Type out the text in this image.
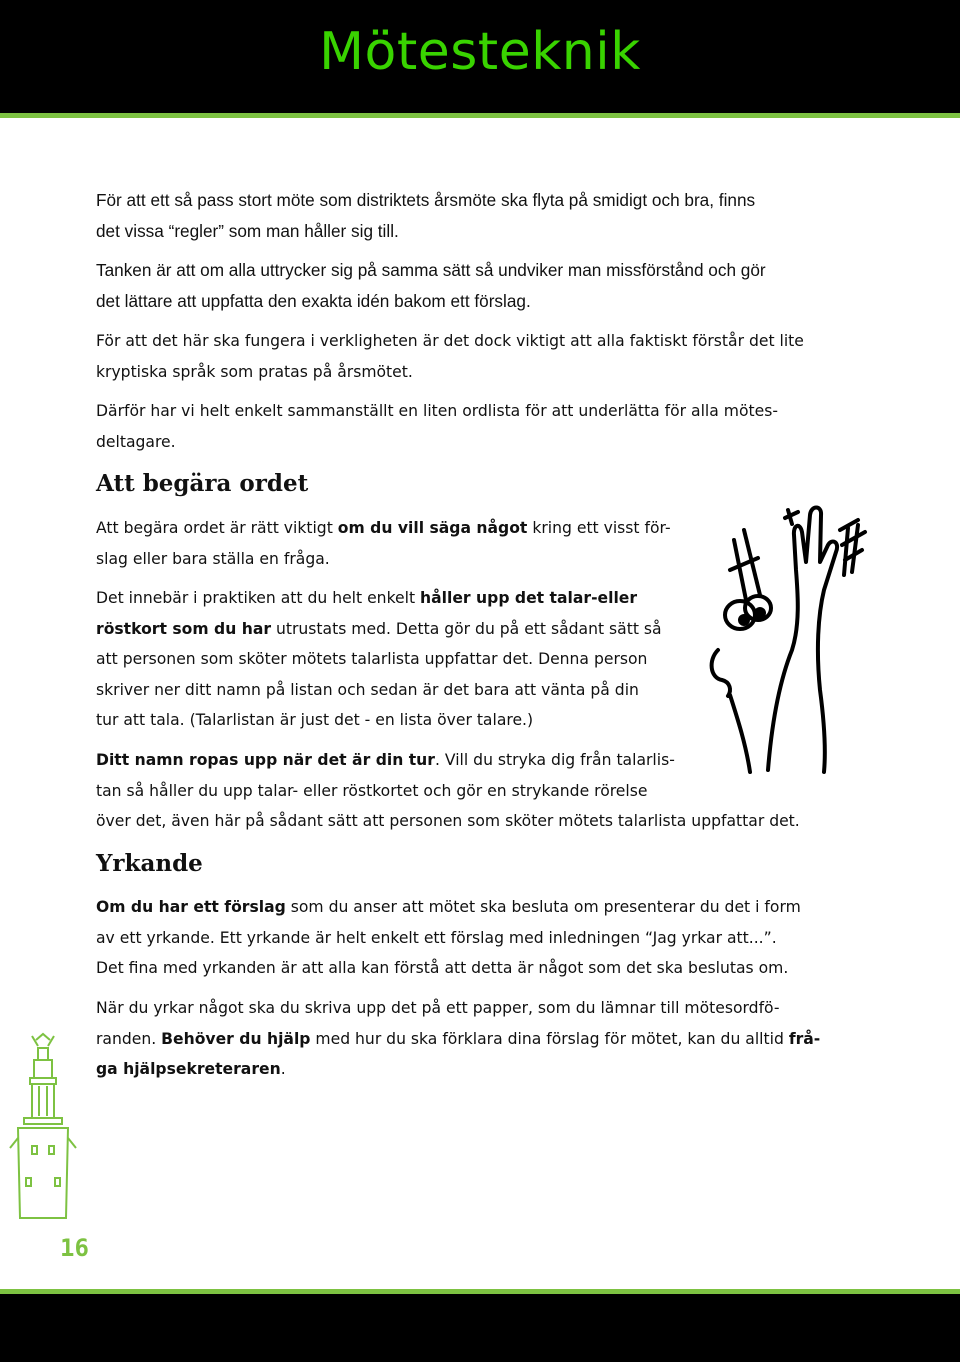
Mötesteknik

För att ett så pass stort möte som distriktets årsmöte ska flyta på smidigt och bra, finns
det vissa “regler” som man håller sig till.

Tanken är att om alla uttrycker sig på samma sätt så undviker man missförstånd och gör
det lättare att uppfatta den exakta idén bakom ett förslag.

För att det här ska fungera i verkligheten är det dock viktigt att alla faktiskt förstår det lite
kryptiska språk som pratas på årsmötet.

Därför har vi helt enkelt sammanställt en liten ordlista för att underlätta för alla mötes-
deltagare.

Att begära ordet

Att begära ordet är rätt viktigt om du vill säga något kring ett visst för-
slag eller bara ställa en fråga.

Det innebär i praktiken att du helt enkelt håller upp det talar-eller
röstkort som du har utrustats med. Detta gör du på ett sådant sätt så
att personen som sköter mötets talarlista uppfattar det. Denna person
skriver ner ditt namn på listan och sedan är det bara att vänta på din
tur att tala. (Talarlistan är just det - en lista över talare.)

Ditt namn ropas upp när det är din tur. Vill du stryka dig från talarlis-
tan så håller du upp talar- eller röstkortet och gör en strykande rörelse
över det, även här på sådant sätt att personen som sköter mötets talarlista uppfattar det.

Yrkande

Om du har ett förslag som du anser att mötet ska besluta om presenterar du det i form
av ett yrkande. Ett yrkande är helt enkelt ett förslag med inledningen “Jag yrkar att...”.
Det fina med yrkanden är att alla kan förstå att detta är något som det ska beslutas om.

När du yrkar något ska du skriva upp det på ett papper, som du lämnar till mötesordfö-
randen. Behöver du hjälp med hur du ska förklara dina förslag för mötet, kan du alltid frå-
ga hjälpsekreteraren.

16
